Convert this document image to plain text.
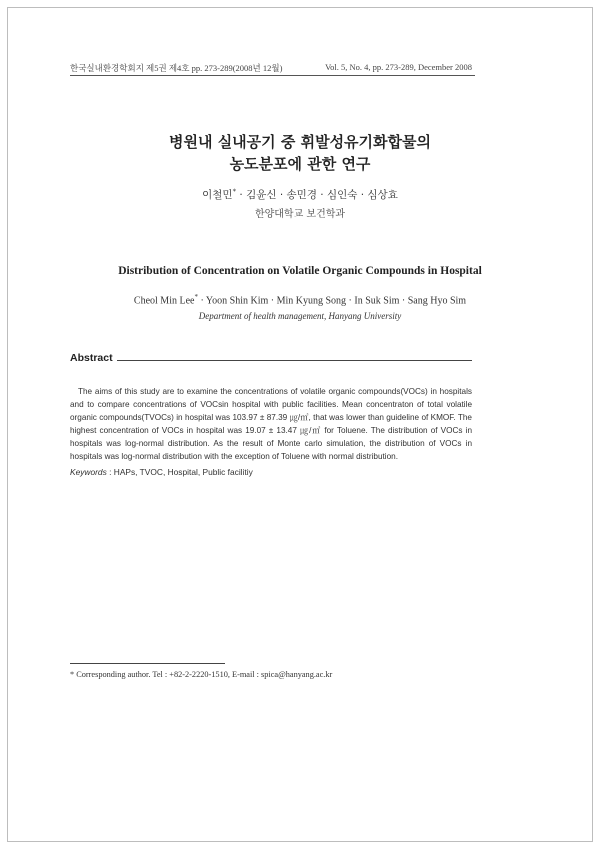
한국실내환경학회지 제5권 제4호 pp. 273-289(2008년 12월)	Vol. 5, No. 4, pp. 273-289, December 2008
병원내 실내공기 중 휘발성유기화합물의
농도분포에 관한 연구
이철민* · 김윤신 · 송민경 · 심인숙 · 심상효
한양대학교 보건학과
Distribution of Concentration on Volatile Organic Compounds in Hospital
Cheol Min Lee* · Yoon Shin Kim · Min Kyung Song · In Suk Sim · Sang Hyo Sim
Department of health management, Hanyang University
Abstract

The aims of this study are to examine the concentrations of volatile organic compounds(VOCs) in hospitals and to compare concentrations of VOCsin hospital with public facilities. Mean concentraton of total volatile organic compounds(TVOCs) in hospital was 103.97 ± 87.39 ㎍/㎥, that was lower than guideline of KMOF. The highest concentration of VOCs in hospital was 19.07 ± 13.47 ㎍/㎥ for Toluene. The distribution of VOCs in hospitals was log-normal distribution. As the result of Monte carlo simulation, the distribution of VOCs in hospitals was log-normal distribution with the exception of Toluene with normal distribution.

Keywords : HAPs, TVOC, Hospital, Public facilitiy
* Corresponding author. Tel : +82-2-2220-1510, E-mail : spica@hanyang.ac.kr
